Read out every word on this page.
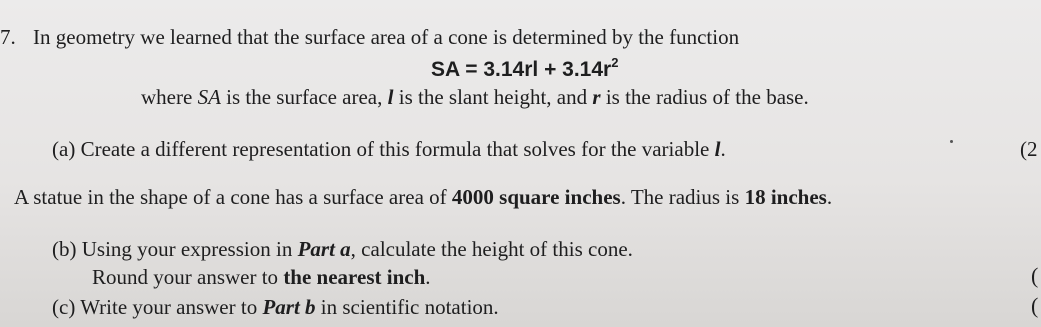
7. In geometry we learned that the surface area of a cone is determined by the function
SA = $3.14rl + 3.14r^2$
where SA is the surface area, l is the slant height, and r is the radius of the base.
(a) Create a different representation of this formula that solves for the variable l.	(2
A statue in the shape of a cone has a surface area of 4000 square inches. The radius is 18 inches.
(b) Using your expression in Part a, calculate the height of this cone.
Round your answer to the nearest inch.	(
(c) Write your answer to Part b in scientific notation.	(
